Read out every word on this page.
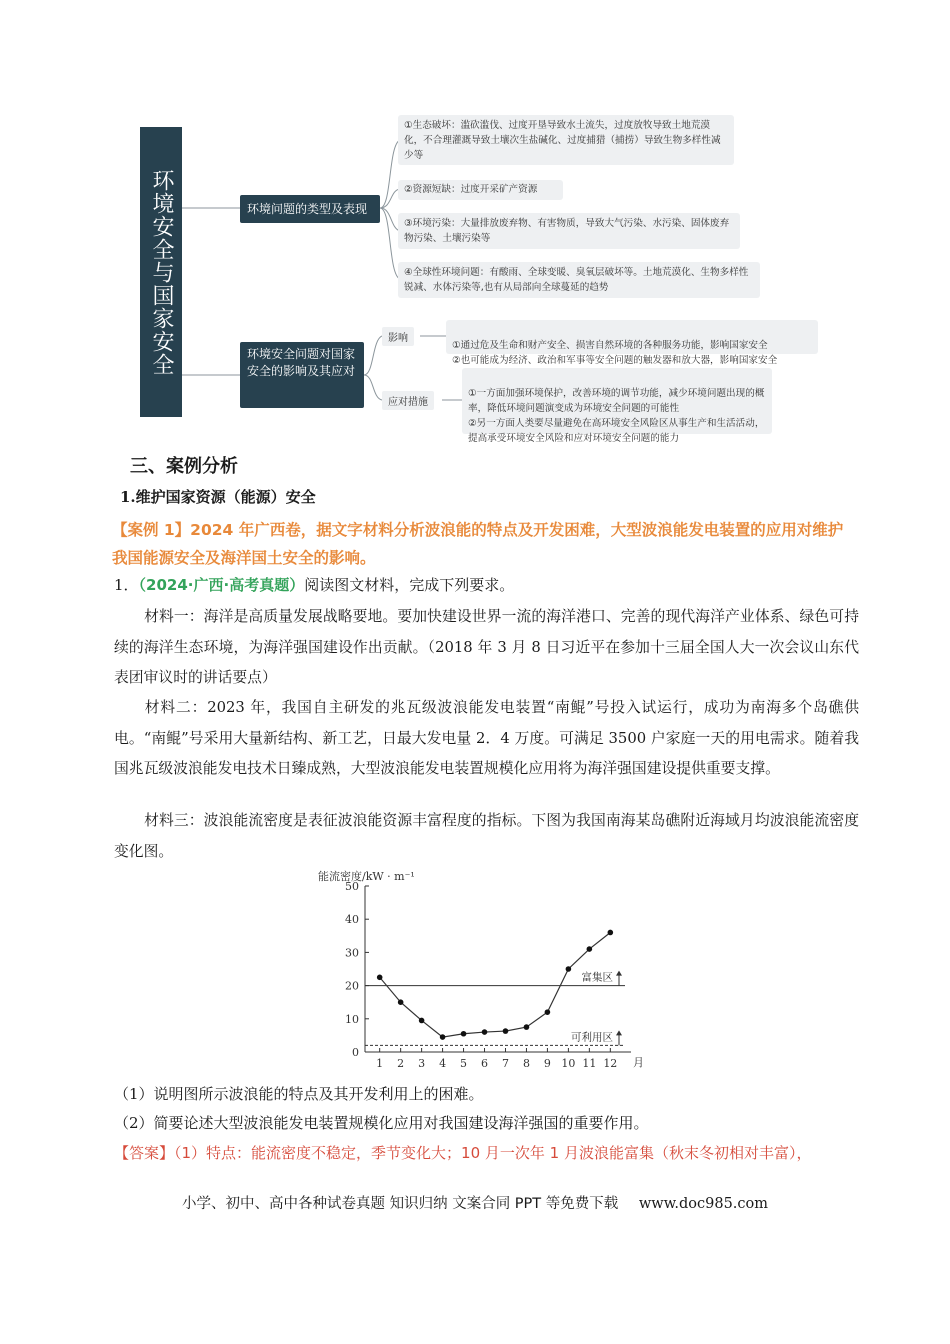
环境安全与国家安全	环境问题的类型及表现
①生态破坏：滥砍滥伐、过度开垦导致水土流失，过度放牧导致土地荒漠化，不合理灌溉导致土壤次生盐碱化、过度捕猎（捕捞）导致生物多样性减少等
②资源短缺：过度开采矿产资源
③环境污染：大量排放废弃物、有害物质，导致大气污染、水污染、固体废弃物污染、土壤污染等
④全球性环境问题：有酸雨、全球变暖、臭氧层破坏等。土地荒漠化、生物多样性锐减、水体污染等,也有从局部向全球蔓延的趋势
环境安全问题对国家安全的影响及其应对
影响
应对措施

①通过危及生命和财产安全、损害自然环境的各种服务功能，影响国家安全
②也可能成为经济、政治和军事等安全问题的触发器和放大器，影响国家安全

①一方面加强环境保护，改善环境的调节功能，减少环境问题出现的概率，降低环境问题演变成为环境安全问题的可能性
②另一方面人类要尽量避免在高环境安全风险区从事生产和生活活动，提高承受环境安全风险和应对环境安全问题的能力

三、案例分析
1.维护国家资源（能源）安全
【案例 1】2024 年广西卷，据文字材料分析波浪能的特点及开发困难，大型波浪能发电装置的应用对维护我国能源安全及海洋国土安全的影响。
1．（2024·广西·高考真题）阅读图文材料，完成下列要求。
材料一：海洋是高质量发展战略要地。要加快建设世界一流的海洋港口、完善的现代海洋产业体系、绿色可持续的海洋生态环境，为海洋强国建设作出贡献。（2018 年 3 月 8 日习近平在参加十三届全国人大一次会议山东代表团审议时的讲话要点）
材料二：2023 年，我国自主研发的兆瓦级波浪能发电装置“南鲲”号投入试运行，成功为南海多个岛礁供电。“南鲲”号采用大量新结构、新工艺，日最大发电量 2．4 万度。可满足 3500 户家庭一天的用电需求。随着我国兆瓦级波浪能发电技术日臻成熟，大型波浪能发电装置规模化应用将为海洋强国建设提供重要支撑。
材料三：波浪能流密度是表征波浪能资源丰富程度的指标。下图为我国南海某岛礁附近海域月均波浪能流密度变化图。
能流密度/kW · m⁻¹
月
0
10
20
30
40
50
1 2 3 4 5 6 7 8 9 10 11 12
富集区
可利用区
（1）说明图所示波浪能的特点及其开发利用上的困难。
（2）简要论述大型波浪能发电装置规模化应用对我国建设海洋强国的重要作用。
【答案】（1）特点：能流密度不稳定，季节变化大；10 月一次年 1 月波浪能富集（秋末冬初相对丰富），
小学、初中、高中各种试卷真题 知识归纳 文案合同 PPT 等免费下载 www.doc985.com
